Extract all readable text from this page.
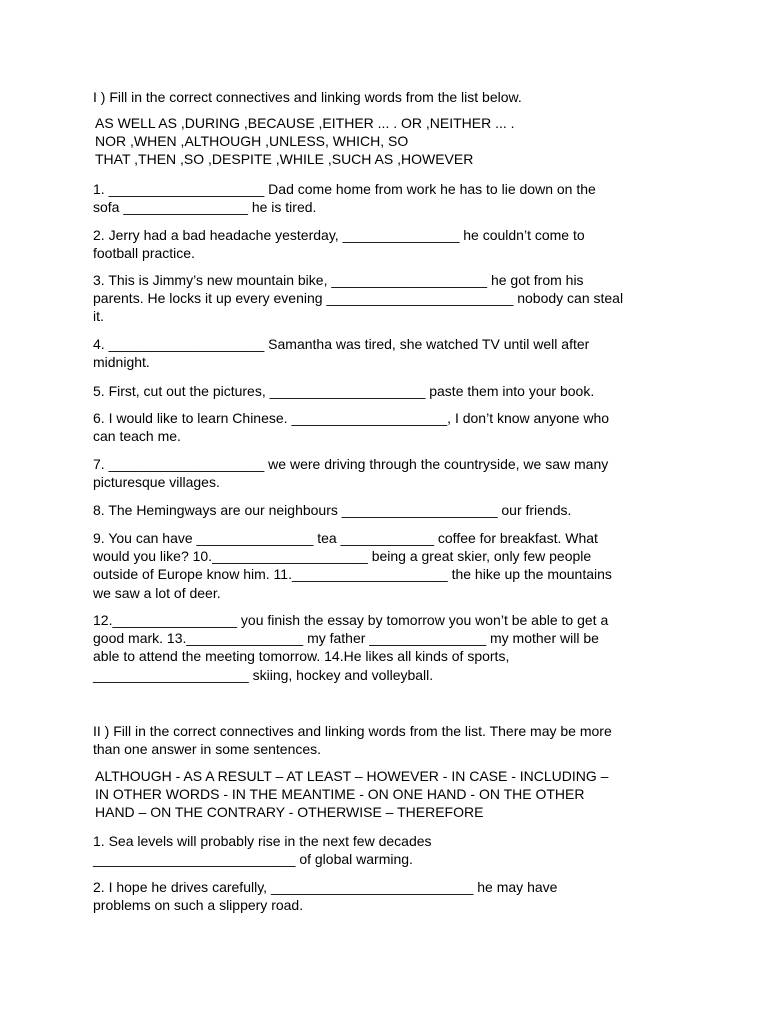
I ) Fill in the correct connectives and linking words from the list below.

AS WELL AS ,DURING ,BECAUSE ,EITHER ... . OR ,NEITHER ... .
NOR ,WHEN ,ALTHOUGH ,UNLESS, WHICH, SO
THAT ,THEN ,SO ,DESPITE ,WHILE ,SUCH AS ,HOWEVER

1. ____________________ Dad come home from work he has to lie down on the
sofa ________________ he is tired.

2. Jerry had a bad headache yesterday, _______________ he couldn’t come to
football practice.

3. This is Jimmy’s new mountain bike, ____________________ he got from his
parents. He locks it up every evening ________________________ nobody can steal
it.

4. ____________________ Samantha was tired, she watched TV until well after
midnight.

5. First, cut out the pictures, ____________________ paste them into your book.

6. I would like to learn Chinese. ____________________, I don’t know anyone who
can teach me.

7. ____________________ we were driving through the countryside, we saw many
picturesque villages.

8. The Hemingways are our neighbours ____________________ our friends.

9. You can have _______________ tea ____________ coffee for breakfast. What
would you like? 10.____________________ being a great skier, only few people
outside of Europe know him. 11.____________________ the hike up the mountains
we saw a lot of deer.

12.________________ you finish the essay by tomorrow you won’t be able to get a
good mark. 13._______________ my father _______________ my mother will be
able to attend the meeting tomorrow. 14.He likes all kinds of sports,
____________________ skiing, hockey and volleyball.

II ) Fill in the correct connectives and linking words from the list. There may be more
than one answer in some sentences.

ALTHOUGH - AS A RESULT – AT LEAST – HOWEVER - IN CASE - INCLUDING –
IN OTHER WORDS - IN THE MEANTIME - ON ONE HAND - ON THE OTHER
HAND – ON THE CONTRARY - OTHERWISE – THEREFORE

1. Sea levels will probably rise in the next few decades
__________________________ of global warming.

2. I hope he drives carefully, __________________________ he may have
problems on such a slippery road.
